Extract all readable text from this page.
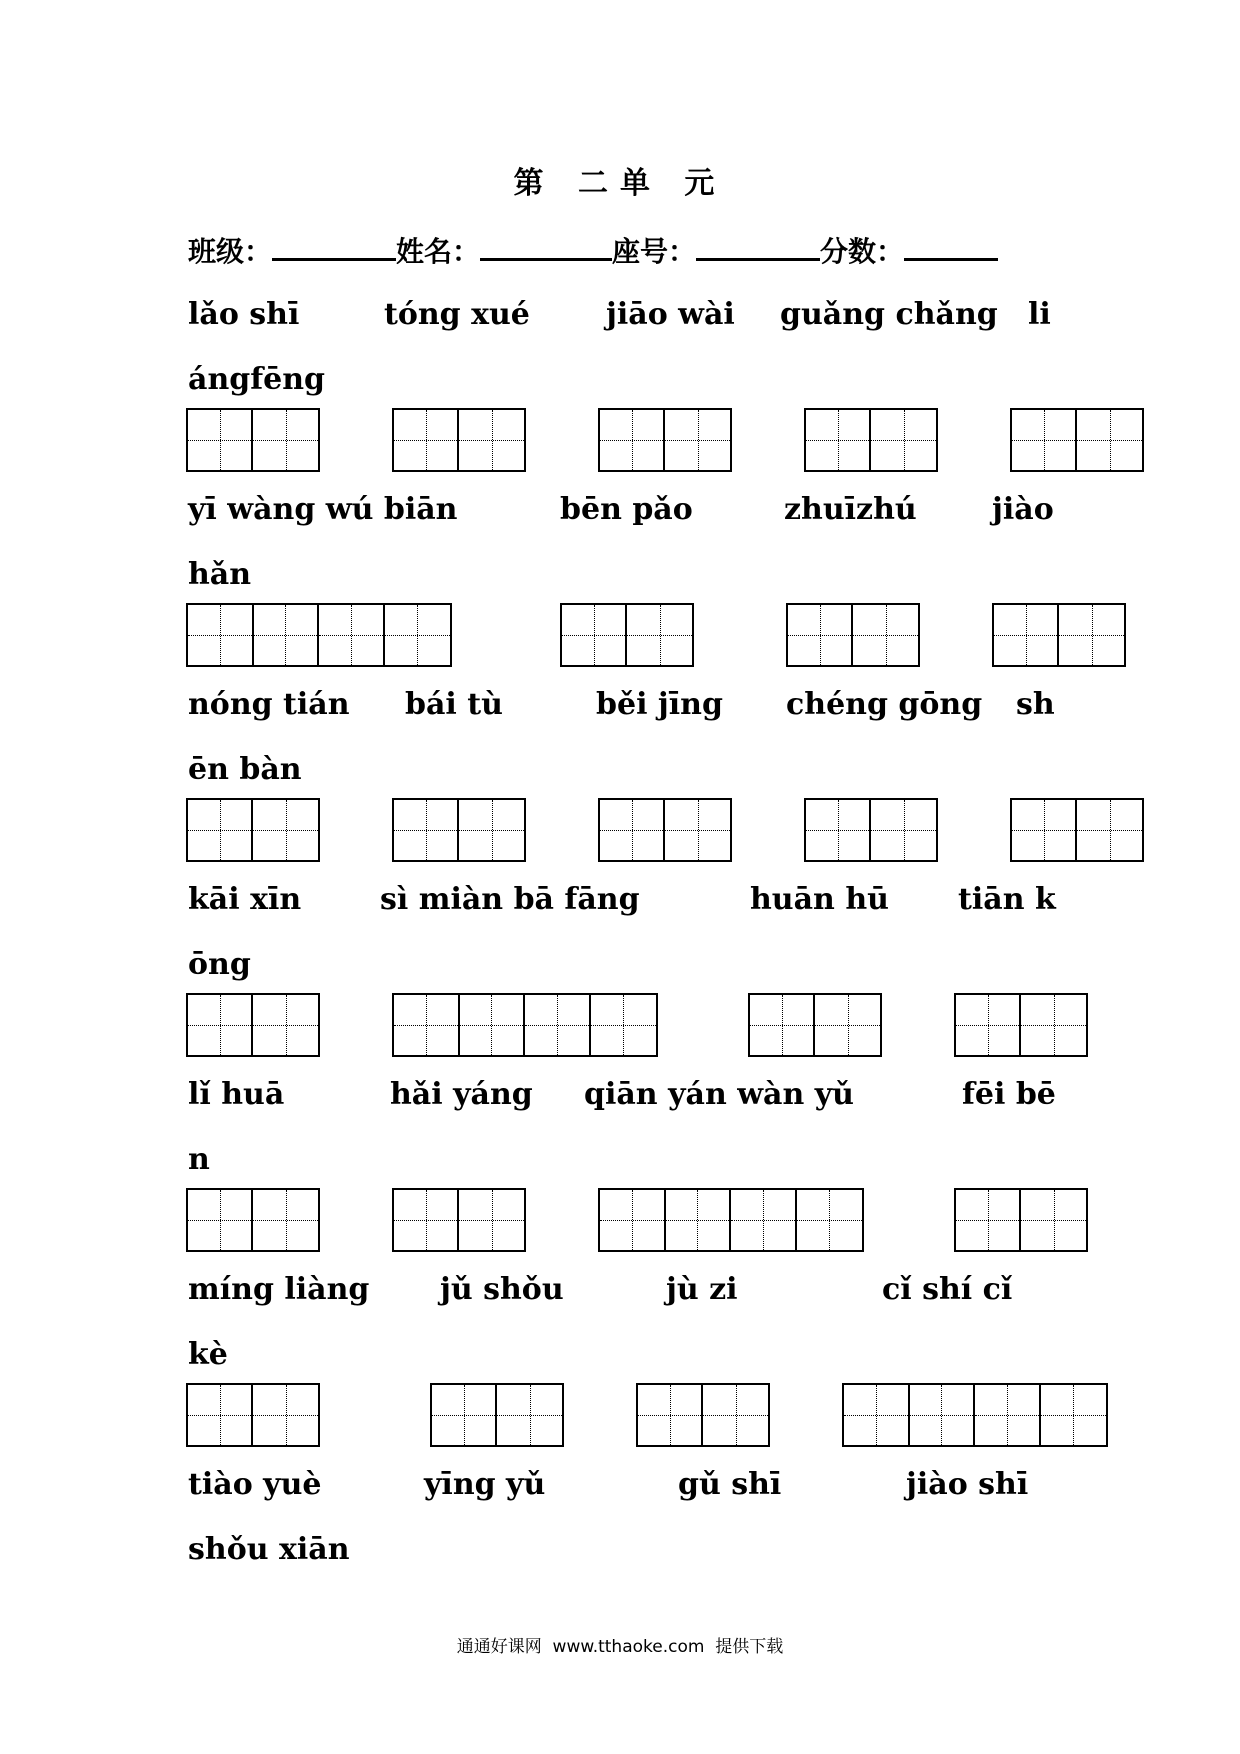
第 二单 元
班级：	姓名：	座号：	分数：
lǎo shī	tóng xué	jiāo wài guǎng chǎng li
ángfēng
yī wàng wú biān	bēn pǎo	zhuīzhú	jiào
hǎn
nóng tián bái tù	běi jīng chéng gōng sh
ēn bàn
kāi xīn	sì miàn bā fāng	huān hū tiān k
ōng
lǐ huā	hǎi yáng qiān yán wàn yǔ	fēi bē
n
míng liàng jǔ shǒu	jù zi	cǐ shí cǐ
kè
tiào yuè	yīng yǔ	gǔ shī	jiào shī
shǒu xiān
通通好课网  www.tthaoke.com  提供下载
